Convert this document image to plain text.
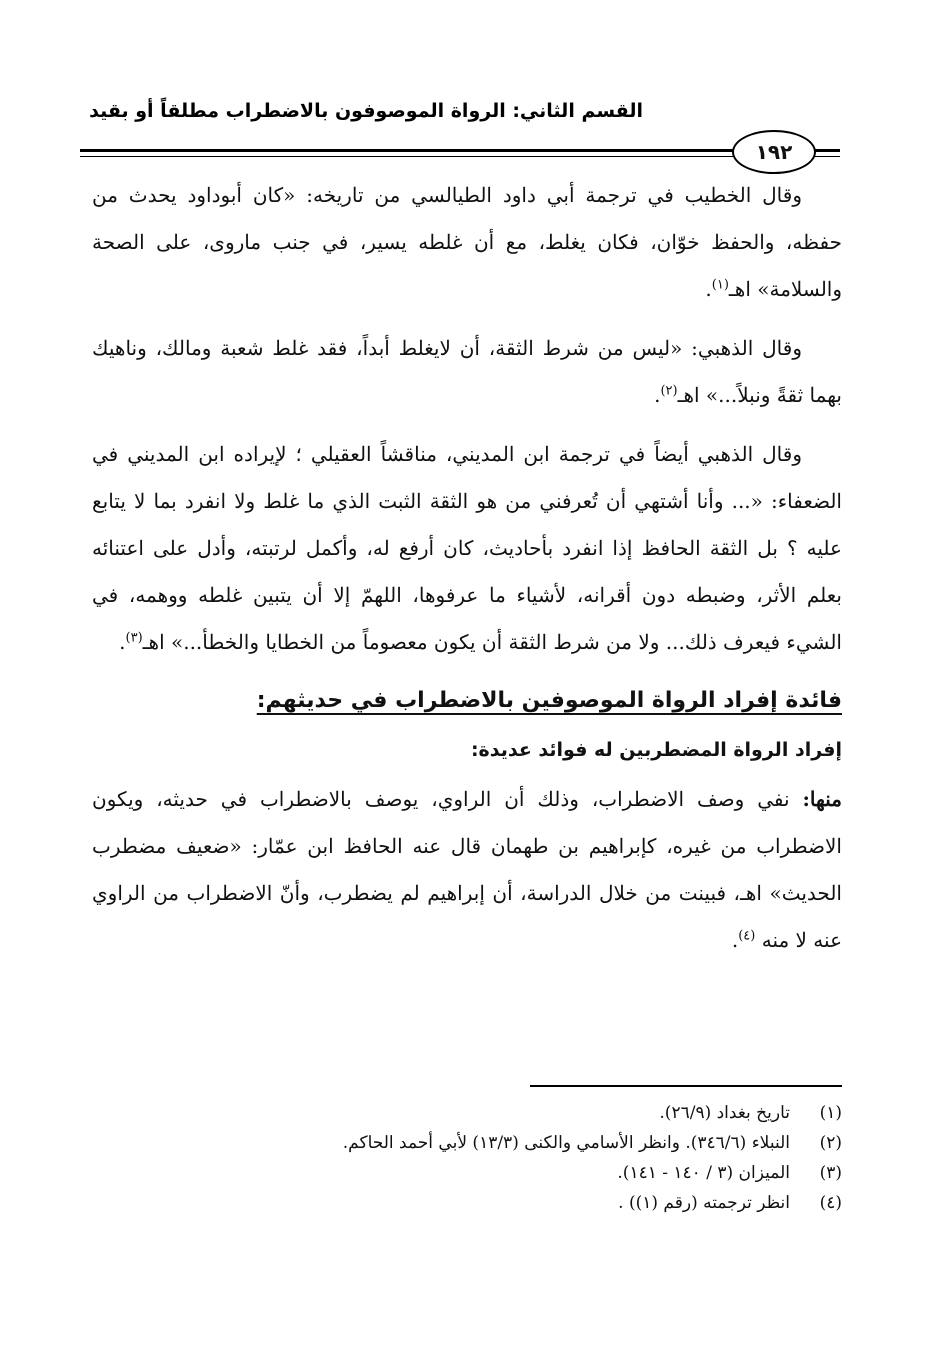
القسم الثاني: الرواة الموصوفون بالاضطراب مطلقاً أو بقيد
١٩٢

وقال الخطيب في ترجمة أبي داود الطيالسي من تاريخه: «كان أبوداود يحدث من حفظه، والحفظ خوّان، فكان يغلط، مع أن غلطه يسير، في جنب ماروى، على الصحة والسلامة» اهـ$^{(١)}$.

وقال الذهبي: «ليس من شرط الثقة، أن لايغلط أبداً، فقد غلط شعبة ومالك، وناهيك بهما ثقةً ونبلاً...» اهـ$^{(٢)}$.

وقال الذهبي أيضاً في ترجمة ابن المديني، مناقشاً العقيلي ؛ لإيراده ابن المديني في الضعفاء: «... وأنا أشتهي أن تُعرفني من هو الثقة الثبت الذي ما غلط ولا انفرد بما لا يتابع عليه ؟ بل الثقة الحافظ إذا انفرد بأحاديث، كان أرفع له، وأكمل لرتبته، وأدل على اعتنائه بعلم الأثر، وضبطه دون أقرانه، لأشياء ما عرفوها، اللهمّ إلا أن يتبين غلطه ووهمه، في الشيء فيعرف ذلك... ولا من شرط الثقة أن يكون معصوماً من الخطايا والخطأ...» اهـ$^{(٣)}$.

فائدة إفراد الرواة الموصوفين بالاضطراب في حديثهم:
إفراد الرواة المضطربين له فوائد عديدة:

منها: نفي وصف الاضطراب، وذلك أن الراوي، يوصف بالاضطراب في حديثه، ويكون الاضطراب من غيره، كإبراهيم بن طهمان قال عنه الحافظ ابن عمّار: «ضعيف مضطرب الحديث» اهـ، فبينت من خلال الدراسة، أن إبراهيم لم يضطرب، وأنّ الاضطراب من الراوي عنه لا منه $^{(٤)}$.

(١)
تاريخ بغداد (٢٦/٩).
(٢)
النبلاء (٣٤٦/٦). وانظر الأسامي والكنى (١٣/٣) لأبي أحمد الحاكم.
(٣)
الميزان (٣ / ١٤٠ - ١٤١).
(٤)
انظر ترجمته (رقم (١)) .
